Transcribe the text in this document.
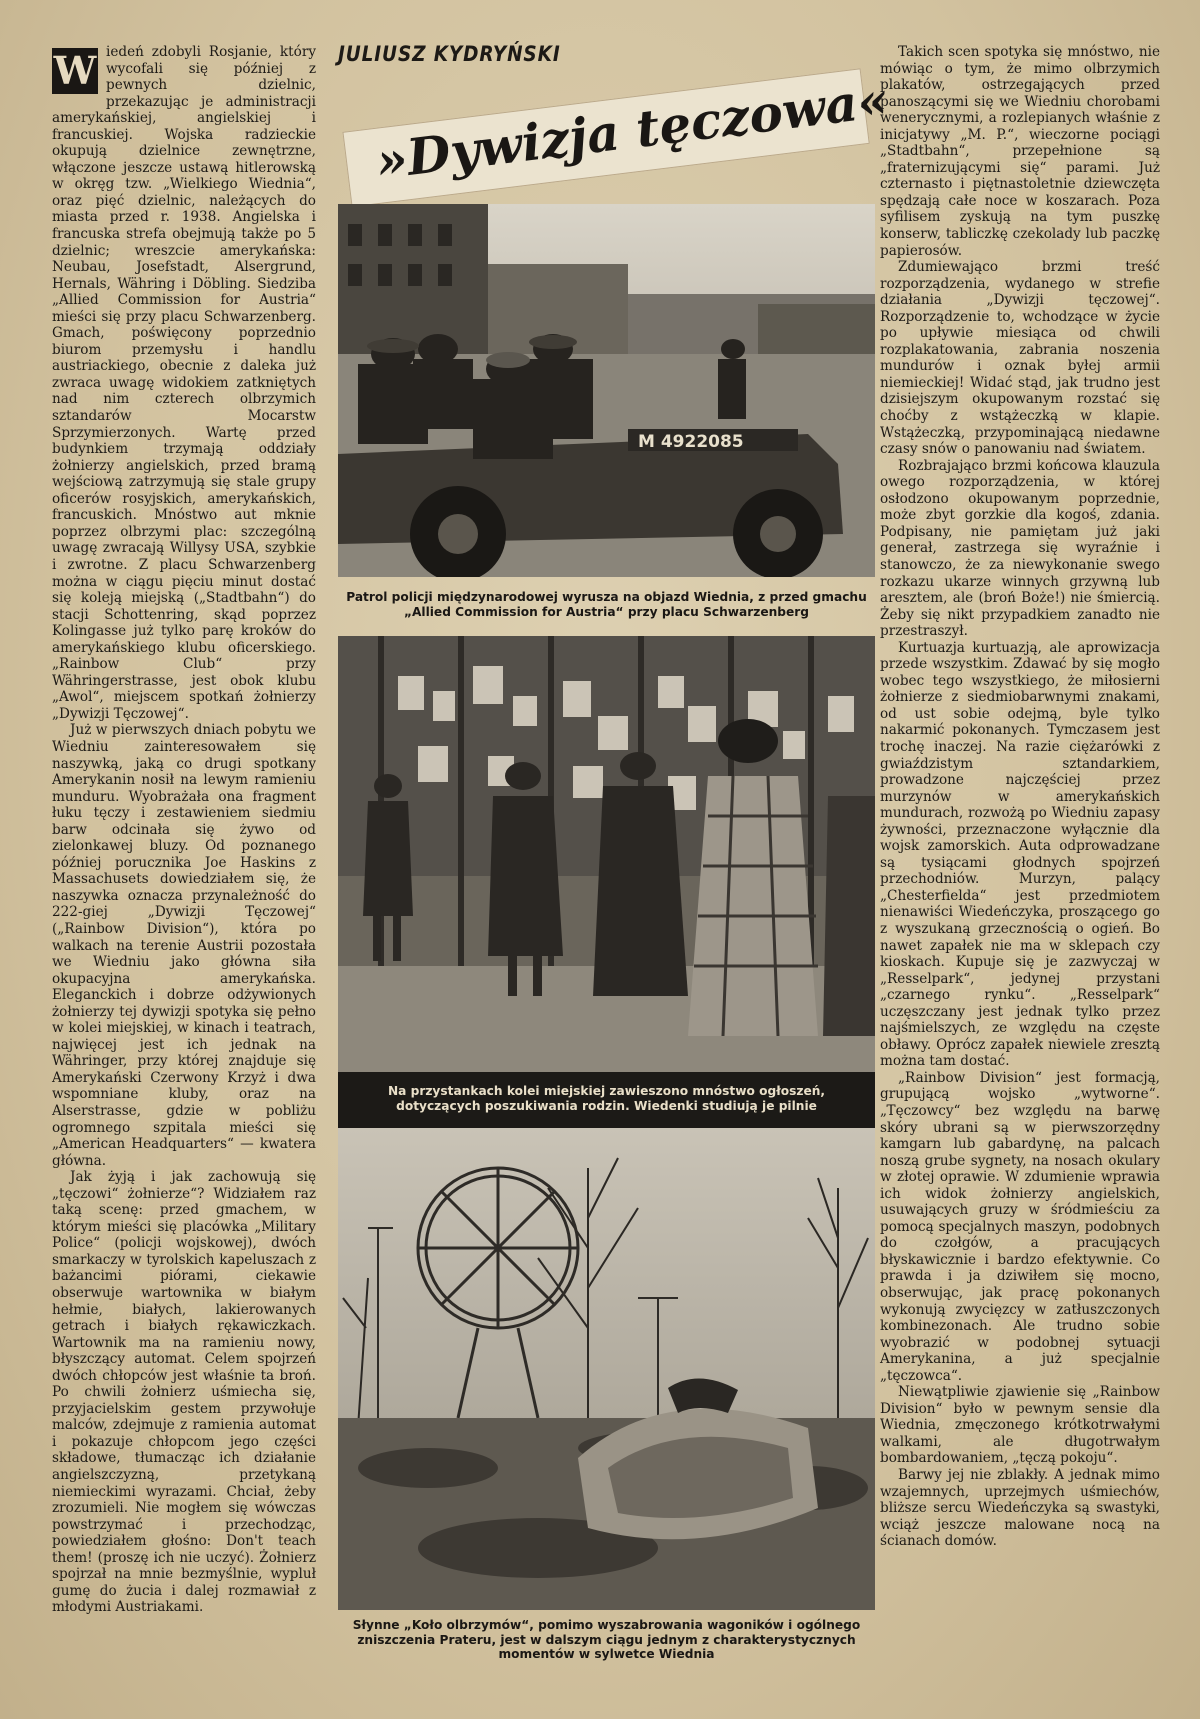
W iedeń zdobyli Rosjanie, który wycofali się później z pewnych dzielnic, przekazując je administracji amerykańskiej, angielskiej i francuskiej. Wojska radzieckie okupują dzielnice zewnętrzne, włączone jeszcze ustawą hitlerowską w okręg tzw. „Wielkiego Wiednia“, oraz pięć dzielnic, należących do miasta przed r. 1938. Angielska i francuska strefa obejmują także po 5 dzielnic; wreszcie amerykańska: Neubau, Josefstadt, Alsergrund, Hernals, Währing i Döbling. Siedziba „Allied Commission for Austria“ mieści się przy placu Schwarzenberg. Gmach, poświęcony poprzednio biurom przemysłu i handlu austriackiego, obecnie z daleka już zwraca uwagę widokiem zatkniętych nad nim czterech olbrzymich sztandarów Mocarstw Sprzymierzonych. Wartę przed budynkiem trzymają oddziały żołnierzy angielskich, przed bramą wejściową zatrzymują się stale grupy oficerów rosyjskich, amerykańskich, francuskich. Mnóstwo aut mknie poprzez olbrzymi plac: szczególną uwagę zwracają Willysy USA, szybkie i zwrotne. Z placu Schwarzenberg można w ciągu pięciu minut dostać się koleją miejską („Stadtbahn“) do stacji Schottenring, skąd poprzez Kolingasse już tylko parę kroków do amerykańskiego klubu oficerskiego. „Rainbow Club“ przy Währingerstrasse, jest obok klubu „Awol“, miejscem spotkań żołnierzy „Dywizji Tęczowej“.

Już w pierwszych dniach pobytu we Wiedniu zainteresowałem się naszywką, jaką co drugi spotkany Amerykanin nosił na lewym ramieniu munduru. Wyobrażała ona fragment łuku tęczy i zestawieniem siedmiu barw odcinała się żywo od zielonkawej bluzy. Od poznanego później porucznika Joe Haskins z Massachusets dowiedziałem się, że naszywka oznacza przynależność do 222-giej „Dywizji Tęczowej“ („Rainbow Division“), która po walkach na terenie Austrii pozostała we Wiedniu jako główna siła okupacyjna amerykańska. Eleganckich i dobrze odżywionych żołnierzy tej dywizji spotyka się pełno w kolei miejskiej, w kinach i teatrach, najwięcej jest ich jednak na Währinger, przy której znajduje się Amerykański Czerwony Krzyż i dwa wspomniane kluby, oraz na Alserstrasse, gdzie w pobliżu ogromnego szpitala mieści się „American Headquarters“ — kwatera główna.

Jak żyją i jak zachowują się „tęczowi“ żołnierze“? Widziałem raz taką scenę: przed gmachem, w którym mieści się placówka „Military Police“ (policji wojskowej), dwóch smarkaczy w tyrolskich kapeluszach z bażancimi piórami, ciekawie obserwuje wartownika w białym hełmie, białych, lakierowanych getrach i białych rękawiczkach. Wartownik ma na ramieniu nowy, błyszczący automat. Celem spojrzeń dwóch chłopców jest właśnie ta broń. Po chwili żołnierz uśmiecha się, przyjacielskim gestem przywołuje malców, zdejmuje z ramienia automat i pokazuje chłopcom jego części składowe, tłumacząc ich działanie angielszczyzną, przetykaną niemieckimi wyrazami. Chciał, żeby zrozumieli. Nie mogłem się wówczas powstrzymać i przechodząc, powiedziałem głośno: Don't teach them! (proszę ich nie uczyć). Żołnierz spojrzał na mnie bezmyślnie, wypluł gumę do żucia i dalej rozmawiał z młodymi Austriakami.

JULIUSZ KYDRYŃSKI
»Dywizja tęczowa«
M 4922085
Patrol policji międzynarodowej wyrusza na objazd Wiednia, z przed gmachu „Allied Commission for Austria“ przy placu Schwarzenberg
Na przystankach kolei miejskiej zawieszono mnóstwo ogłoszeń, dotyczących poszukiwania rodzin. Wiedenki studiują je pilnie
Słynne „Koło olbrzymów“, pomimo wyszabrowania wagoników i ogólnego zniszczenia Prateru, jest w dalszym ciągu jednym z charakterystycznych momentów w sylwetce Wiednia

Takich scen spotyka się mnóstwo, nie mówiąc o tym, że mimo olbrzymich plakatów, ostrzegających przed panoszącymi się we Wiedniu chorobami wenerycznymi, a rozlepianych właśnie z inicjatywy „M. P.“, wieczorne pociągi „Stadtbahn“, przepełnione są „fraternizującymi się“ parami. Już czternasto i piętnastoletnie dziewczęta spędzają całe noce w koszarach. Poza syfilisem zyskują na tym puszkę konserw, tabliczkę czekolady lub paczkę papierosów.

Zdumiewająco brzmi treść rozporządzenia, wydanego w strefie działania „Dywizji tęczowej“. Rozporządzenie to, wchodzące w życie po upływie miesiąca od chwili rozplakatowania, zabrania noszenia mundurów i oznak byłej armii niemieckiej! Widać stąd, jak trudno jest dzisiejszym okupowanym rozstać się choćby z wstążeczką w klapie. Wstążeczką, przypominającą niedawne czasy snów o panowaniu nad światem.

Rozbrajająco brzmi końcowa klauzula owego rozporządzenia, w której osłodzono okupowanym poprzednie, może zbyt gorzkie dla kogoś, zdania. Podpisany, nie pamiętam już jaki generał, zastrzega się wyraźnie i stanowczo, że za niewykonanie swego rozkazu ukarze winnych grzywną lub aresztem, ale (broń Boże!) nie śmiercią. Żeby się nikt przypadkiem zanadto nie przestraszył.

Kurtuazja kurtuazją, ale aprowizacja przede wszystkim. Zdawać by się mogło wobec tego wszystkiego, że miłosierni żołnierze z siedmiobarwnymi znakami, od ust sobie odejmą, byle tylko nakarmić pokonanych. Tymczasem jest trochę inaczej. Na razie ciężarówki z gwiaździstym sztandarkiem, prowadzone najczęściej przez murzynów w amerykańskich mundurach, rozwożą po Wiedniu zapasy żywności, przeznaczone wyłącznie dla wojsk zamorskich. Auta odprowadzane są tysiącami głodnych spojrzeń przechodniów. Murzyn, palący „Chesterfielda“ jest przedmiotem nienawiści Wiedeńczyka, proszącego go z wyszukaną grzecznością o ogień. Bo nawet zapałek nie ma w sklepach czy kioskach. Kupuje się je zazwyczaj w „Resselpark“, jedynej przystani „czarnego rynku“. „Resselpark“ uczęszczany jest jednak tylko przez najśmielszych, ze względu na częste obławy. Oprócz zapałek niewiele zresztą można tam dostać.

„Rainbow Division“ jest formacją, grupującą wojsko „wytworne“. „Tęczowcy“ bez względu na barwę skóry ubrani są w pierwszorzędny kamgarn lub gabardynę, na palcach noszą grube sygnety, na nosach okulary w złotej oprawie. W zdumienie wprawia ich widok żołnierzy angielskich, usuwających gruzy w śródmieściu za pomocą specjalnych maszyn, podobnych do czołgów, a pracujących błyskawicznie i bardzo efektywnie. Co prawda i ja dziwiłem się mocno, obserwując, jak pracę pokonanych wykonują zwycięzcy w zatłuszczonych kombinezonach. Ale trudno sobie wyobrazić w podobnej sytuacji Amerykanina, a już specjalnie „tęczowca“.

Niewątpliwie zjawienie się „Rainbow Division“ było w pewnym sensie dla Wiednia, zmęczonego krótkotrwałymi walkami, ale długotrwałym bombardowaniem, „tęczą pokoju“.

Barwy jej nie zblakły. A jednak mimo wzajemnych, uprzejmych uśmiechów, bliższe sercu Wiedeńczyka są swastyki, wciąż jeszcze malowane nocą na ścianach domów.
